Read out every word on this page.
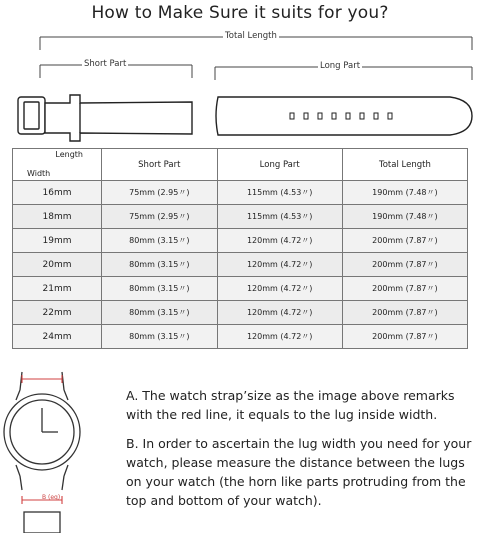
How to Make Sure it suits for you?
Total Length
Short Part	Long Part
Length
Width	Short Part	Long Part	Total Length
16mm	75mm (2.95〃)	115mm (4.53〃)	190mm (7.48〃)
18mm	75mm (2.95〃)	115mm (4.53〃)	190mm (7.48〃)
19mm	80mm (3.15〃)	120mm (4.72〃)	200mm (7.87〃)
20mm	80mm (3.15〃)	120mm (4.72〃)	200mm (7.87〃)
21mm	80mm (3.15〃)	120mm (4.72〃)	200mm (7.87〃)
22mm	80mm (3.15〃)	120mm (4.72〃)	200mm (7.87〃)
24mm	80mm (3.15〃)	120mm (4.72〃)	200mm (7.87〃)
B (eq)

A. The watch strap’size as the image above remarks with the red line, it equals to the lug inside width.

B. In order to ascertain the lug width you need for your watch, please measure the distance between the lugs on your watch (the horn like parts protruding from the top and bottom of your watch).
